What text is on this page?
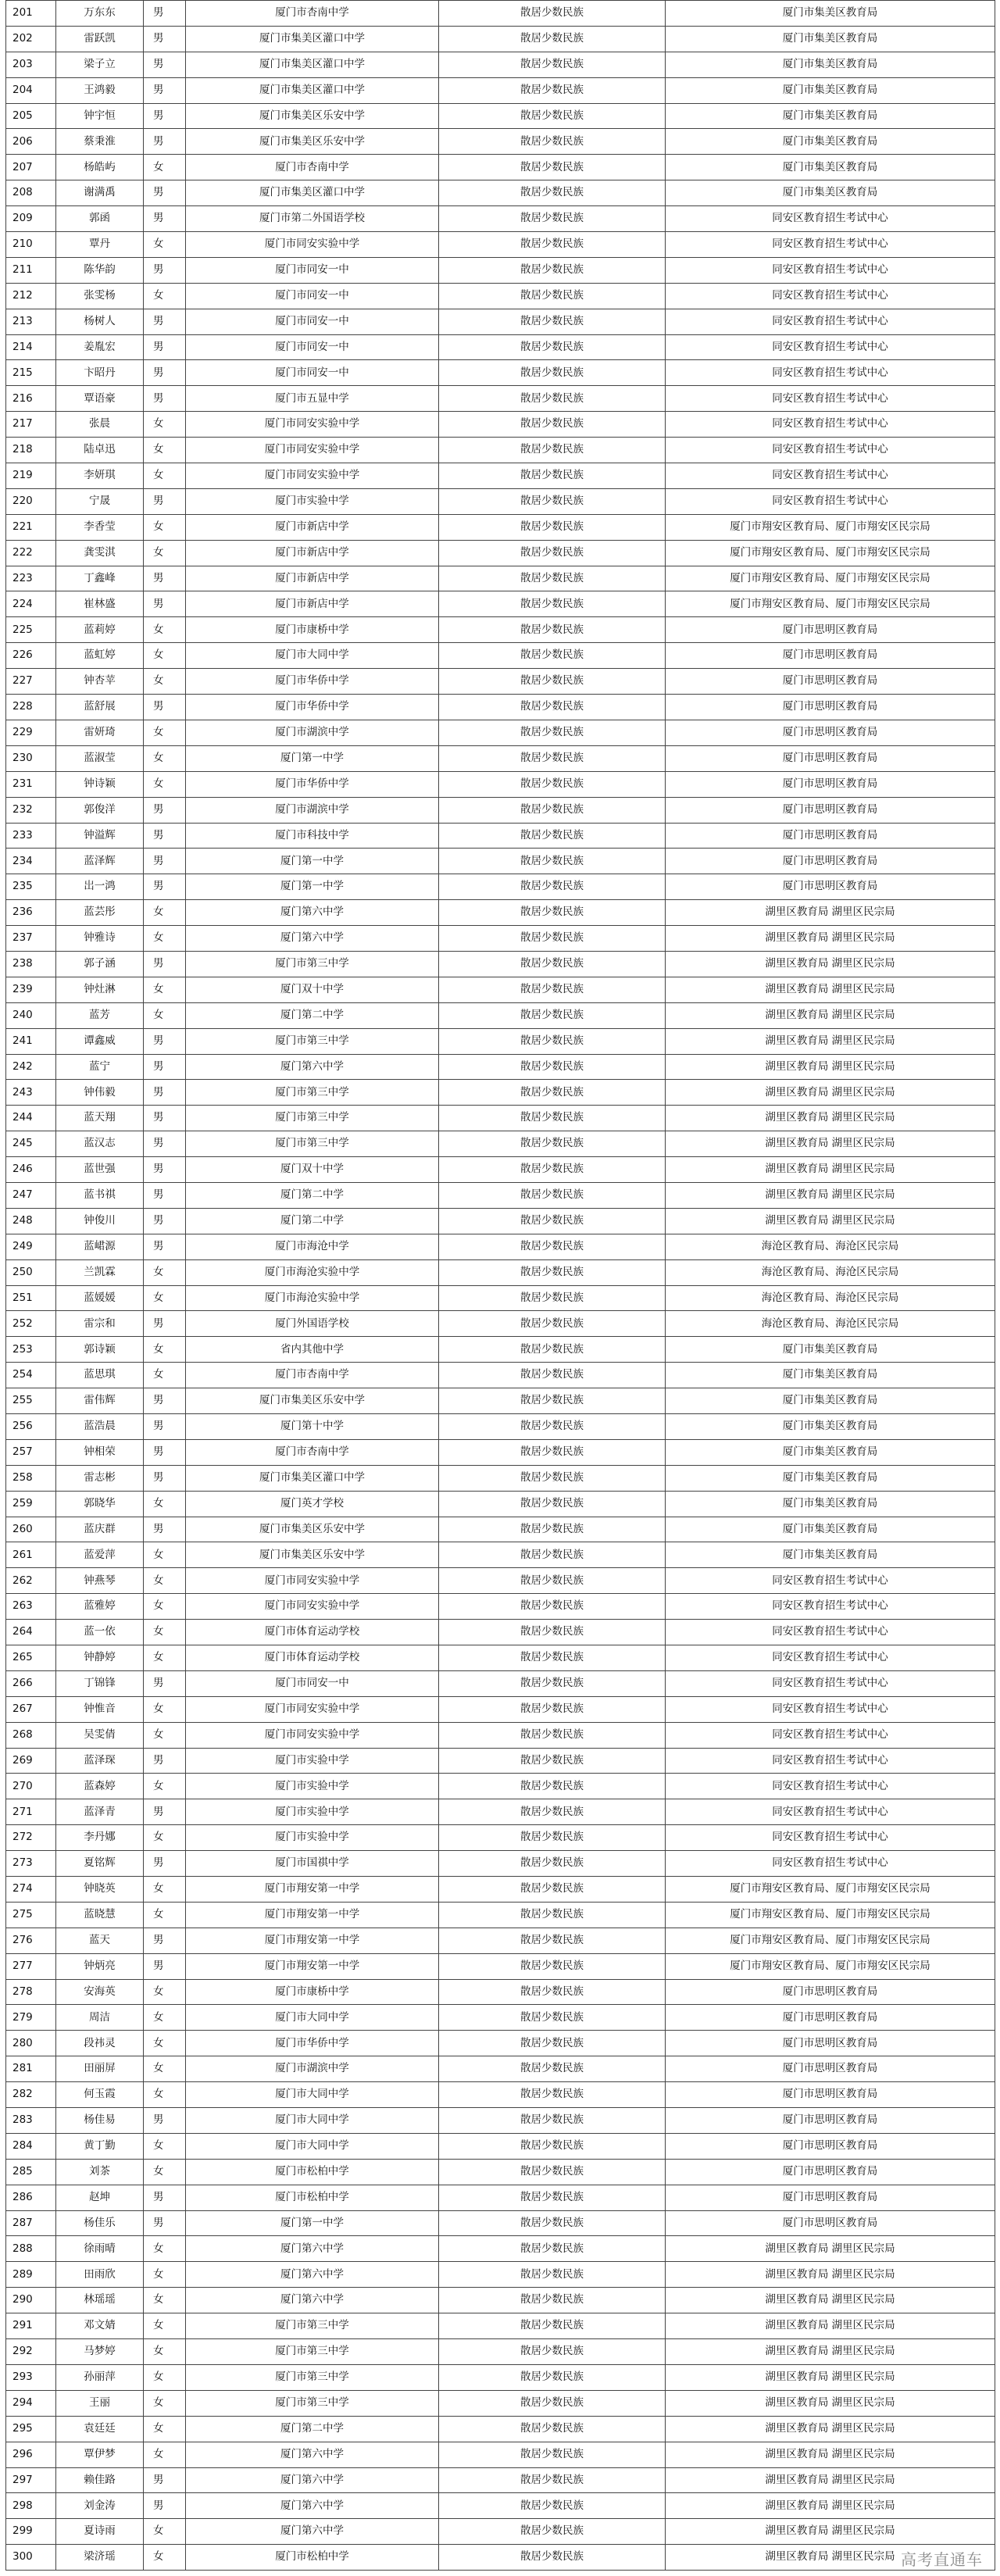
201	万东东	男	厦门市杏南中学	散居少数民族	厦门市集美区教育局
202	雷跃凯	男	厦门市集美区灌口中学	散居少数民族	厦门市集美区教育局
203	梁子立	男	厦门市集美区灌口中学	散居少数民族	厦门市集美区教育局
204	王鸿毅	男	厦门市集美区灌口中学	散居少数民族	厦门市集美区教育局
205	钟宇恒	男	厦门市集美区乐安中学	散居少数民族	厦门市集美区教育局
206	蔡秉淮	男	厦门市集美区乐安中学	散居少数民族	厦门市集美区教育局
207	杨皓屿	女	厦门市杏南中学	散居少数民族	厦门市集美区教育局
208	谢满禹	男	厦门市集美区灌口中学	散居少数民族	厦门市集美区教育局
209	郭函	男	厦门市第二外国语学校	散居少数民族	同安区教育招生考试中心
210	覃丹	女	厦门市同安实验中学	散居少数民族	同安区教育招生考试中心
211	陈华韵	男	厦门市同安一中	散居少数民族	同安区教育招生考试中心
212	张雯杨	女	厦门市同安一中	散居少数民族	同安区教育招生考试中心
213	杨树人	男	厦门市同安一中	散居少数民族	同安区教育招生考试中心
214	姜胤宏	男	厦门市同安一中	散居少数民族	同安区教育招生考试中心
215	卞昭丹	男	厦门市同安一中	散居少数民族	同安区教育招生考试中心
216	覃语豪	男	厦门市五显中学	散居少数民族	同安区教育招生考试中心
217	张晨	女	厦门市同安实验中学	散居少数民族	同安区教育招生考试中心
218	陆卓迅	女	厦门市同安实验中学	散居少数民族	同安区教育招生考试中心
219	李妍琪	女	厦门市同安实验中学	散居少数民族	同安区教育招生考试中心
220	宁晟	男	厦门市实验中学	散居少数民族	同安区教育招生考试中心
221	李香莹	女	厦门市新店中学	散居少数民族	厦门市翔安区教育局、厦门市翔安区民宗局
222	龚雯淇	女	厦门市新店中学	散居少数民族	厦门市翔安区教育局、厦门市翔安区民宗局
223	丁鑫峰	男	厦门市新店中学	散居少数民族	厦门市翔安区教育局、厦门市翔安区民宗局
224	崔林盛	男	厦门市新店中学	散居少数民族	厦门市翔安区教育局、厦门市翔安区民宗局
225	蓝莉婷	女	厦门市康桥中学	散居少数民族	厦门市思明区教育局
226	蓝虹婷	女	厦门市大同中学	散居少数民族	厦门市思明区教育局
227	钟杏苹	女	厦门市华侨中学	散居少数民族	厦门市思明区教育局
228	蓝舒展	男	厦门市华侨中学	散居少数民族	厦门市思明区教育局
229	雷妍琦	女	厦门市湖滨中学	散居少数民族	厦门市思明区教育局
230	蓝淑莹	女	厦门第一中学	散居少数民族	厦门市思明区教育局
231	钟诗颖	女	厦门市华侨中学	散居少数民族	厦门市思明区教育局
232	郭俊洋	男	厦门市湖滨中学	散居少数民族	厦门市思明区教育局
233	钟溢辉	男	厦门市科技中学	散居少数民族	厦门市思明区教育局
234	蓝泽辉	男	厦门第一中学	散居少数民族	厦门市思明区教育局
235	岀一鸿	男	厦门第一中学	散居少数民族	厦门市思明区教育局
236	蓝芸彤	女	厦门第六中学	散居少数民族	湖里区教育局 湖里区民宗局
237	钟雅诗	女	厦门第六中学	散居少数民族	湖里区教育局 湖里区民宗局
238	郭子涵	男	厦门市第三中学	散居少数民族	湖里区教育局 湖里区民宗局
239	钟灶淋	女	厦门双十中学	散居少数民族	湖里区教育局 湖里区民宗局
240	蓝芳	女	厦门第二中学	散居少数民族	湖里区教育局 湖里区民宗局
241	谭鑫威	男	厦门市第三中学	散居少数民族	湖里区教育局 湖里区民宗局
242	蓝宁	男	厦门第六中学	散居少数民族	湖里区教育局 湖里区民宗局
243	钟伟毅	男	厦门市第三中学	散居少数民族	湖里区教育局 湖里区民宗局
244	蓝天翔	男	厦门市第三中学	散居少数民族	湖里区教育局 湖里区民宗局
245	蓝汉志	男	厦门市第三中学	散居少数民族	湖里区教育局 湖里区民宗局
246	蓝世强	男	厦门双十中学	散居少数民族	湖里区教育局 湖里区民宗局
247	蓝书祺	男	厦门第二中学	散居少数民族	湖里区教育局 湖里区民宗局
248	钟俊川	男	厦门第二中学	散居少数民族	湖里区教育局 湖里区民宗局
249	蓝峮源	男	厦门市海沧中学	散居少数民族	海沧区教育局、海沧区民宗局
250	兰凯霖	女	厦门市海沧实验中学	散居少数民族	海沧区教育局、海沧区民宗局
251	蓝媛媛	女	厦门市海沧实验中学	散居少数民族	海沧区教育局、海沧区民宗局
252	雷宗和	男	厦门外国语学校	散居少数民族	海沧区教育局、海沧区民宗局
253	郭诗颖	女	省内其他中学	散居少数民族	厦门市集美区教育局
254	蓝思琪	女	厦门市杏南中学	散居少数民族	厦门市集美区教育局
255	雷伟辉	男	厦门市集美区乐安中学	散居少数民族	厦门市集美区教育局
256	蓝浩晨	男	厦门第十中学	散居少数民族	厦门市集美区教育局
257	钟相荣	男	厦门市杏南中学	散居少数民族	厦门市集美区教育局
258	雷志彬	男	厦门市集美区灌口中学	散居少数民族	厦门市集美区教育局
259	郭晓华	女	厦门英才学校	散居少数民族	厦门市集美区教育局
260	蓝庆群	男	厦门市集美区乐安中学	散居少数民族	厦门市集美区教育局
261	蓝爱萍	女	厦门市集美区乐安中学	散居少数民族	厦门市集美区教育局
262	钟燕琴	女	厦门市同安实验中学	散居少数民族	同安区教育招生考试中心
263	蓝雅婷	女	厦门市同安实验中学	散居少数民族	同安区教育招生考试中心
264	蓝一依	女	厦门市体育运动学校	散居少数民族	同安区教育招生考试中心
265	钟静婷	女	厦门市体育运动学校	散居少数民族	同安区教育招生考试中心
266	丁锦锋	男	厦门市同安一中	散居少数民族	同安区教育招生考试中心
267	钟惟音	女	厦门市同安实验中学	散居少数民族	同安区教育招生考试中心
268	吴雯倩	女	厦门市同安实验中学	散居少数民族	同安区教育招生考试中心
269	蓝泽琛	男	厦门市实验中学	散居少数民族	同安区教育招生考试中心
270	蓝森婷	女	厦门市实验中学	散居少数民族	同安区教育招生考试中心
271	蓝泽青	男	厦门市实验中学	散居少数民族	同安区教育招生考试中心
272	李丹娜	女	厦门市实验中学	散居少数民族	同安区教育招生考试中心
273	夏铭辉	男	厦门市国祺中学	散居少数民族	同安区教育招生考试中心
274	钟晓英	女	厦门市翔安第一中学	散居少数民族	厦门市翔安区教育局、厦门市翔安区民宗局
275	蓝晓慧	女	厦门市翔安第一中学	散居少数民族	厦门市翔安区教育局、厦门市翔安区民宗局
276	蓝天	男	厦门市翔安第一中学	散居少数民族	厦门市翔安区教育局、厦门市翔安区民宗局
277	钟炳亮	男	厦门市翔安第一中学	散居少数民族	厦门市翔安区教育局、厦门市翔安区民宗局
278	安海英	女	厦门市康桥中学	散居少数民族	厦门市思明区教育局
279	周洁	女	厦门市大同中学	散居少数民族	厦门市思明区教育局
280	段祎灵	女	厦门市华侨中学	散居少数民族	厦门市思明区教育局
281	田丽屏	女	厦门市湖滨中学	散居少数民族	厦门市思明区教育局
282	何玉霞	女	厦门市大同中学	散居少数民族	厦门市思明区教育局
283	杨佳易	男	厦门市大同中学	散居少数民族	厦门市思明区教育局
284	黄丁勤	女	厦门市大同中学	散居少数民族	厦门市思明区教育局
285	刘茶	女	厦门市松柏中学	散居少数民族	厦门市思明区教育局
286	赵坤	男	厦门市松柏中学	散居少数民族	厦门市思明区教育局
287	杨佳乐	男	厦门第一中学	散居少数民族	厦门市思明区教育局
288	徐雨晴	女	厦门第六中学	散居少数民族	湖里区教育局 湖里区民宗局
289	田雨欣	女	厦门第六中学	散居少数民族	湖里区教育局 湖里区民宗局
290	林瑶瑶	女	厦门第六中学	散居少数民族	湖里区教育局 湖里区民宗局
291	邓文婧	女	厦门市第三中学	散居少数民族	湖里区教育局 湖里区民宗局
292	马梦婷	女	厦门市第三中学	散居少数民族	湖里区教育局 湖里区民宗局
293	孙丽萍	女	厦门市第三中学	散居少数民族	湖里区教育局 湖里区民宗局
294	王丽	女	厦门市第三中学	散居少数民族	湖里区教育局 湖里区民宗局
295	袁廷廷	女	厦门第二中学	散居少数民族	湖里区教育局 湖里区民宗局
296	覃伊梦	女	厦门第六中学	散居少数民族	湖里区教育局 湖里区民宗局
297	赖佳路	男	厦门第六中学	散居少数民族	湖里区教育局 湖里区民宗局
298	刘金涛	男	厦门第六中学	散居少数民族	湖里区教育局 湖里区民宗局
299	夏诗雨	女	厦门第六中学	散居少数民族	湖里区教育局 湖里区民宗局
300	梁济瑶	女	厦门市松柏中学	散居少数民族	湖里区教育局 湖里区民宗局 高考直通车
